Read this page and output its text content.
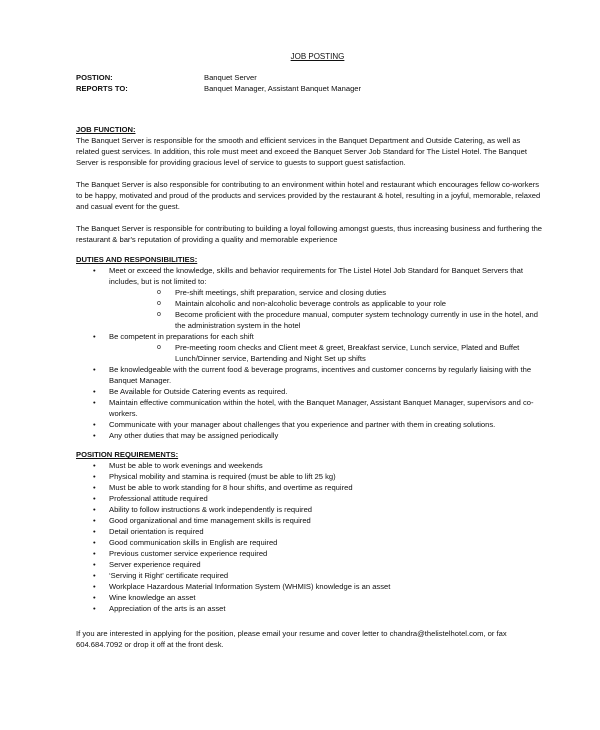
JOB POSTING
POSTION:	Banquet Server
REPORTS TO:	Banquet Manager, Assistant Banquet Manager
JOB FUNCTION:

The Banquet Server is responsible for the smooth and efficient services in the Banquet Department and Outside Catering, as well as related guest services. In addition, this role must meet and exceed the Banquet Server Job Standard for The Listel Hotel. The Banquet Server is responsible for providing gracious level of service to guests to support guest satisfaction.

The Banquet Server is also responsible for contributing to an environment within hotel and restaurant which encourages fellow co-workers to be happy, motivated and proud of the products and services provided by the restaurant & hotel, resulting in a joyful, memorable, relaxed and casual event for the guest.

The Banquet Server is responsible for contributing to building a loyal following amongst guests, thus increasing business and furthering the restaurant & bar's reputation of providing a quality and memorable experience

DUTIES AND RESPONSIBILITIES:
• Meet or exceed the knowledge, skills and behavior requirements for The Listel Hotel Job Standard for Banquet Servers that includes, but is not limited to:
o Pre-shift meetings, shift preparation, service and closing duties
o Maintain alcoholic and non-alcoholic beverage controls as applicable to your role
o Become proficient with the procedure manual, computer system technology currently in use in the hotel, and the administration system in the hotel
• Be competent in preparations for each shift
o Pre-meeting room checks and Client meet & greet, Breakfast service, Lunch service, Plated and Buffet Lunch/Dinner service, Bartending and Night Set up shifts
• Be knowledgeable with the current food & beverage programs, incentives and customer concerns by regularly liaising with the Banquet Manager.
• Be Available for Outside Catering events as required.
• Maintain effective communication within the hotel, with the Banquet Manager, Assistant Banquet Manager, supervisors and co-workers.
• Communicate with your manager about challenges that you experience and partner with them in creating solutions.
• Any other duties that may be assigned periodically
POSITION REQUIREMENTS:
• Must be able to work evenings and weekends
• Physical mobility and stamina is required (must be able to lift 25 kg)
• Must be able to work standing for 8 hour shifts, and overtime as required
• Professional attitude required
• Ability to follow instructions & work independently is required
• Good organizational and time management skills is required
• Detail orientation is required
• Good communication skills in English are required
• Previous customer service experience required
• Server experience required
• ‘Serving it Right’ certificate required
• Workplace Hazardous Material Information System (WHMIS) knowledge is an asset
• Wine knowledge an asset
• Appreciation of the arts is an asset

If you are interested in applying for the position, please email your resume and cover letter to chandra@thelistelhotel.com, or fax 604.684.7092 or drop it off at the front desk.
